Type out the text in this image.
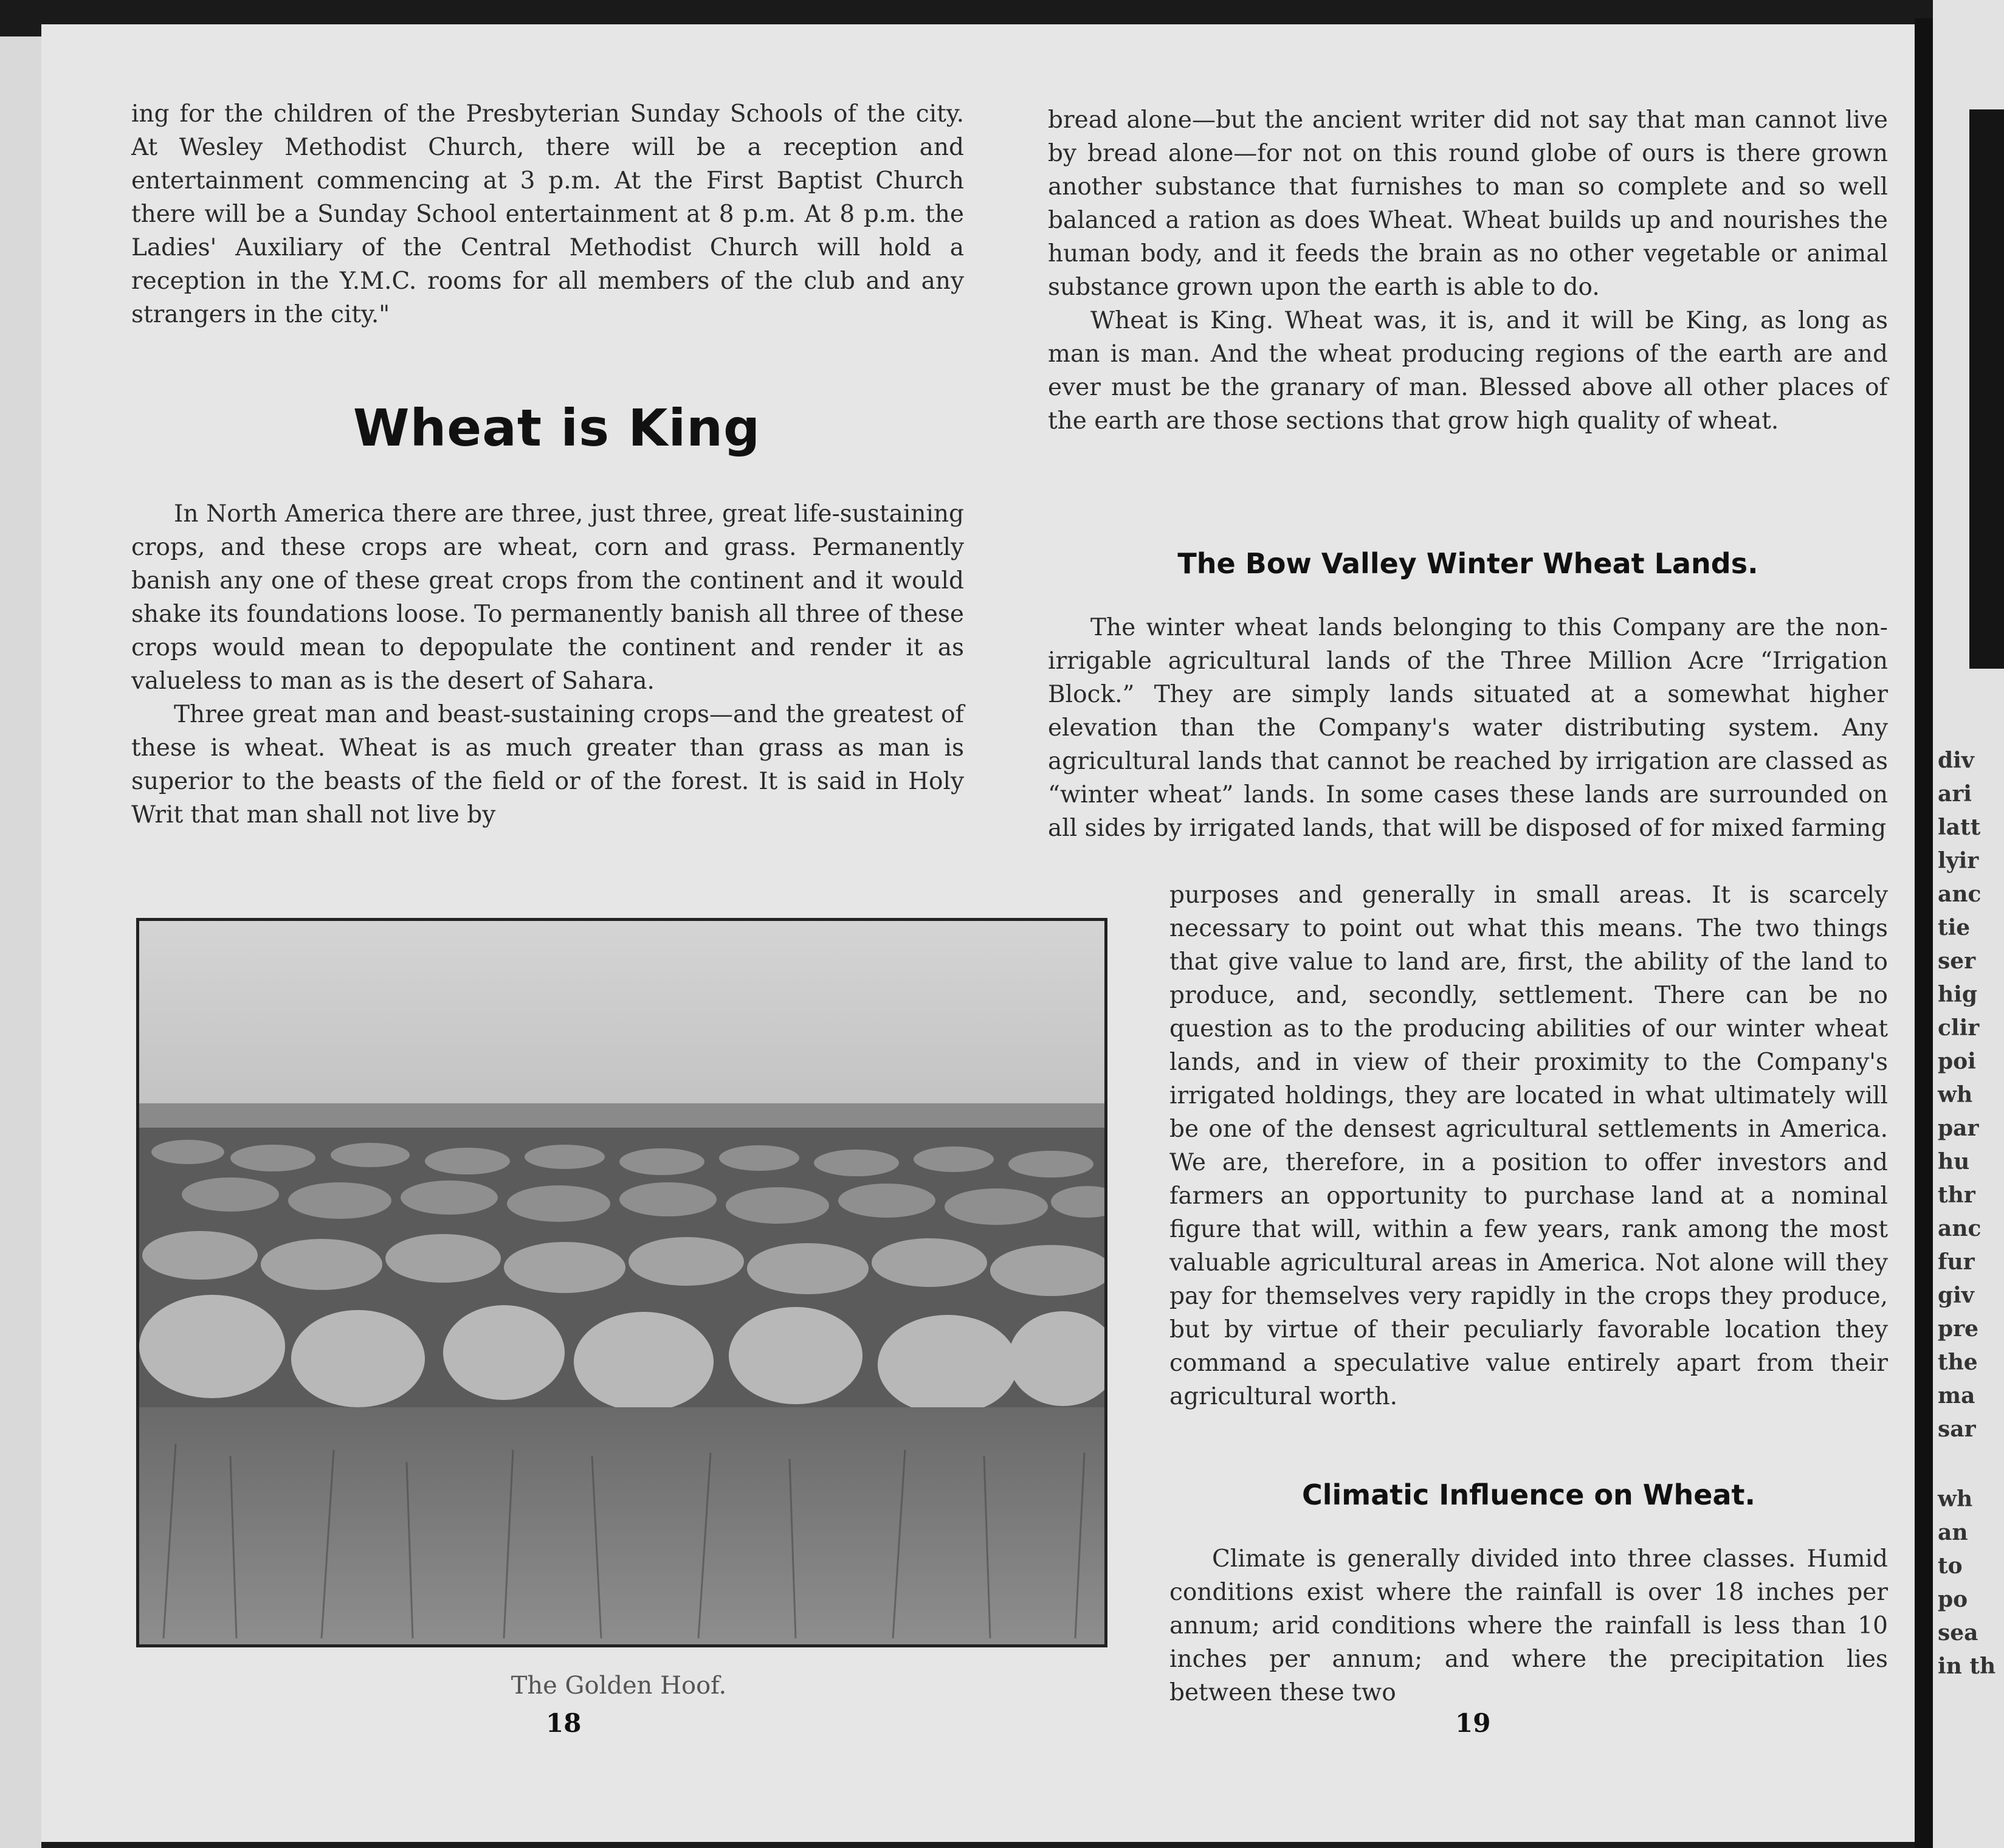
ing for the children of the Presbyterian Sunday Schools of the city. At Wesley Methodist Church, there will be a reception and entertainment commencing at 3 p.m. At the First Baptist Church there will be a Sunday School entertainment at 8 p.m. At 8 p.m. the Ladies' Auxiliary of the Central Methodist Church will hold a reception in the Y.M.C. rooms for all members of the club and any strangers in the city."

Wheat is King

In North America there are three, just three, great life-sustaining crops, and these crops are wheat, corn and grass. Permanently banish any one of these great crops from the continent and it would shake its foundations loose. To permanently banish all three of these crops would mean to depopulate the continent and render it as valueless to man as is the desert of Sahara.

Three great man and beast-sustaining crops—and the greatest of these is wheat. Wheat is as much greater than grass as man is superior to the beasts of the field or of the forest. It is said in Holy Writ that man shall not live by

The Golden Hoof.
18

bread alone—but the ancient writer did not say that man cannot live by bread alone—for not on this round globe of ours is there grown another substance that furnishes to man so complete and so well balanced a ration as does Wheat. Wheat builds up and nourishes the human body, and it feeds the brain as no other vegetable or animal substance grown upon the earth is able to do.

Wheat is King. Wheat was, it is, and it will be King, as long as man is man. And the wheat producing regions of the earth are and ever must be the granary of man. Blessed above all other places of the earth are those sections that grow high quality of wheat.

The Bow Valley Winter Wheat Lands.

The winter wheat lands belonging to this Company are the non-irrigable agricultural lands of the Three Million Acre “Irrigation Block.” They are simply lands situated at a somewhat higher elevation than the Company's water distributing system. Any agricultural lands that cannot be reached by irrigation are classed as “winter wheat” lands. In some cases these lands are surrounded on all sides by irrigated lands, that will be disposed of for mixed farming

purposes and generally in small areas. It is scarcely necessary to point out what this means. The two things that give value to land are, first, the ability of the land to produce, and, secondly, settlement. There can be no question as to the producing abilities of our winter wheat lands, and in view of their proximity to the Company's irrigated holdings, they are located in what ultimately will be one of the densest agricultural settlements in America. We are, therefore, in a position to offer investors and farmers an opportunity to purchase land at a nominal figure that will, within a few years, rank among the most valuable agricultural areas in America. Not alone will they pay for themselves very rapidly in the crops they produce, but by virtue of their peculiarly favorable location they command a speculative value entirely apart from their agricultural worth.

Climatic Influence on Wheat.

Climate is generally divided into three classes. Humid conditions exist where the rainfall is over 18 inches per annum; arid conditions where the rainfall is less than 10 inches per annum; and where the precipitation lies between these two

19
div
ari
latt
lyir
anc
tie
ser
hig
clir
poi
wh
par
hu
thr
anc
fur
giv
pre
the
ma
sar
wh
an
to
po
sea
in th
